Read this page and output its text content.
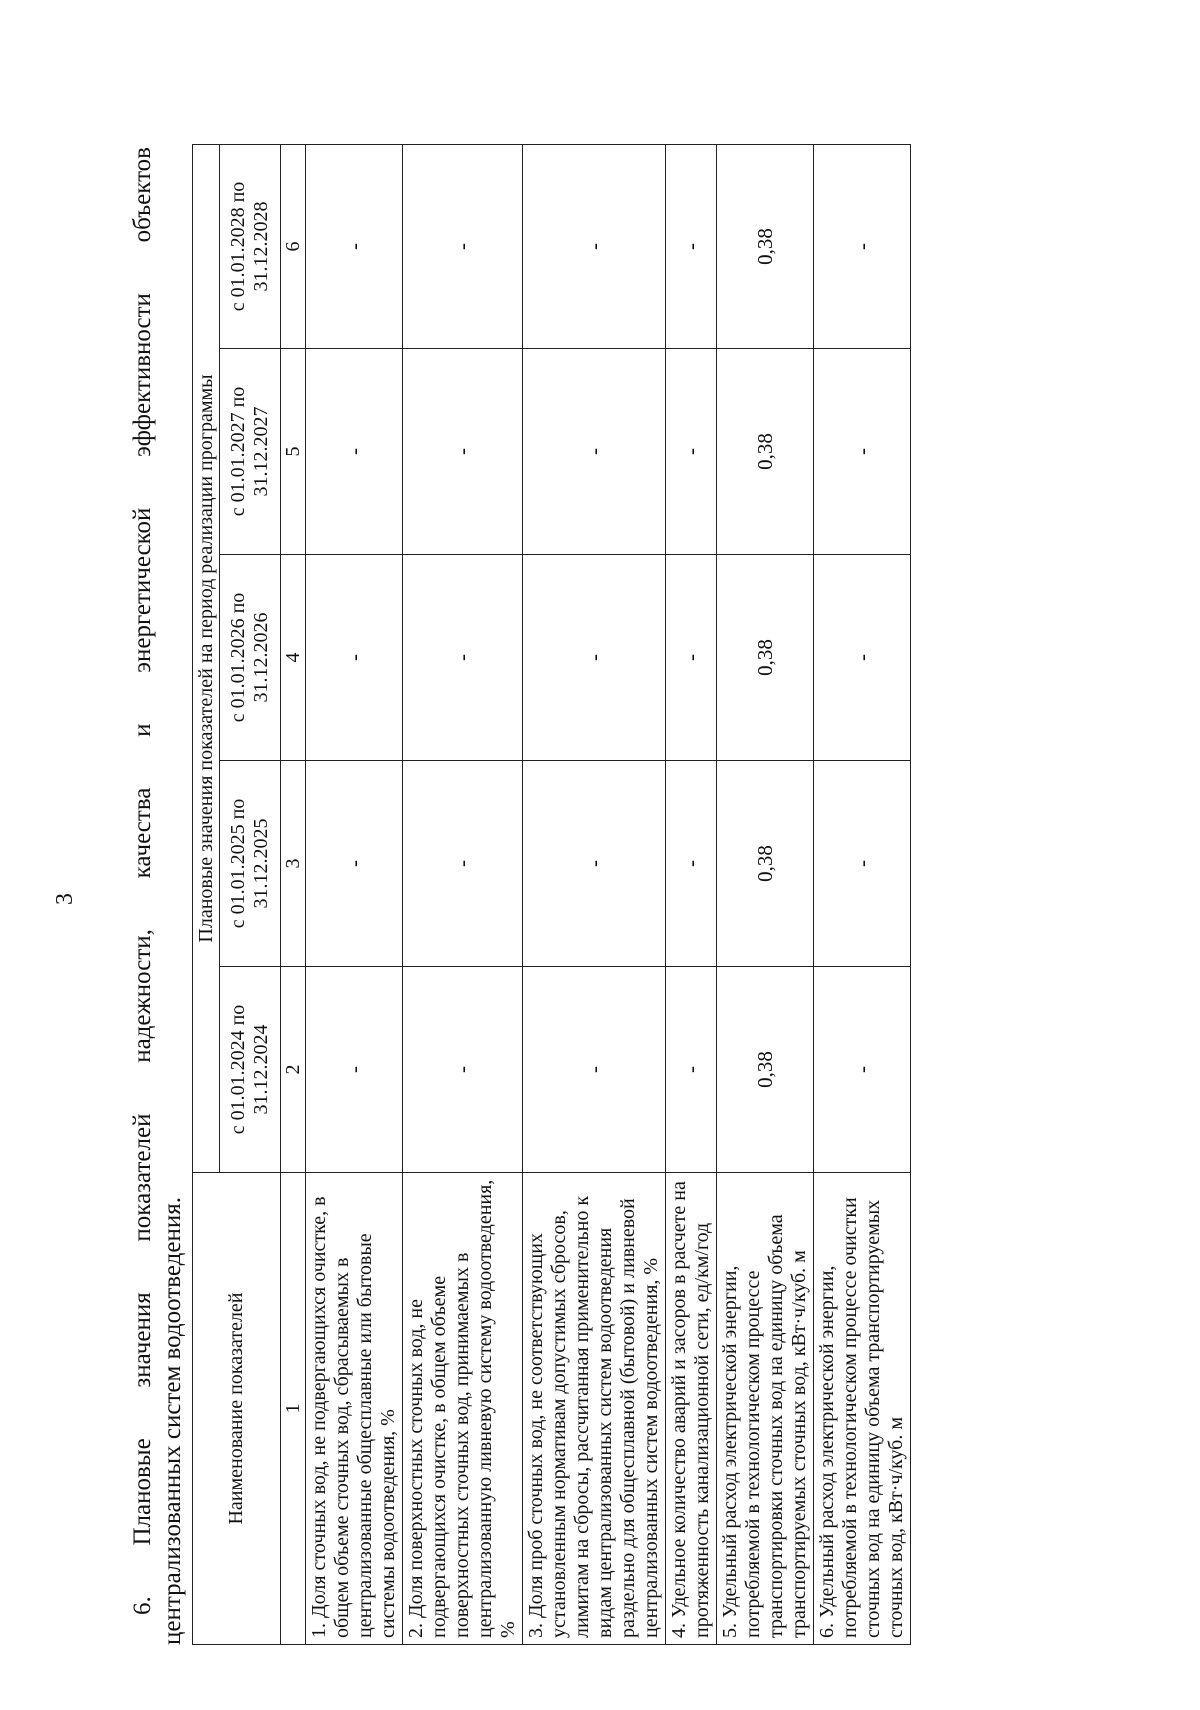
3 6. Плановые значения показателей надежности, качества и энергетической эффективности объектов централизованных систем водоотведения. Наименование показателей	Плановые значения показателей на период реализации программы				
	с 01.01.2024 по 31.12.2024	с 01.01.2025 по 31.12.2025	с 01.01.2026 по 31.12.2026	с 01.01.2027 по 31.12.2027	с 01.01.2028 по 31.12.2028
1	2	3	4	5	6
1. Доля сточных вод, не подвергающихся очистке, в общем объеме сточных вод, сбрасываемых в централизованные общесплавные или бытовые системы водоотведения, %	-	-	-	-	-
2. Доля поверхностных сточных вод, не подвергающихся очистке, в общем объеме поверхностных сточных вод, принимаемых в централизованную ливневую систему водоотведения, %	-	-	-	-	-
3. Доля проб сточных вод, не соответствующих установленным нормативам допустимых сбросов, лимитам на сбросы, рассчитанная применительно к видам централизованных систем водоотведения раздельно для общесплавной (бытовой) и ливневой централизованных систем водоотведения, %	-	-	-	-	-
4. Удельное количество аварий и засоров в расчете на протяженность канализационной сети, ед/км/год	-	-	-	-	-
5. Удельный расход электрической энергии, потребляемой в технологическом процессе транспортировки сточных вод на единицу объема транспортируемых сточных вод, кВт·ч/куб. м	0,38	0,38	0,38	0,38	0,38
6. Удельный расход электрической энергии, потребляемой в технологическом процессе очистки сточных вод на единицу объема транспортируемых сточных вод, кВт·ч/куб. м	-	-	-	-	-
